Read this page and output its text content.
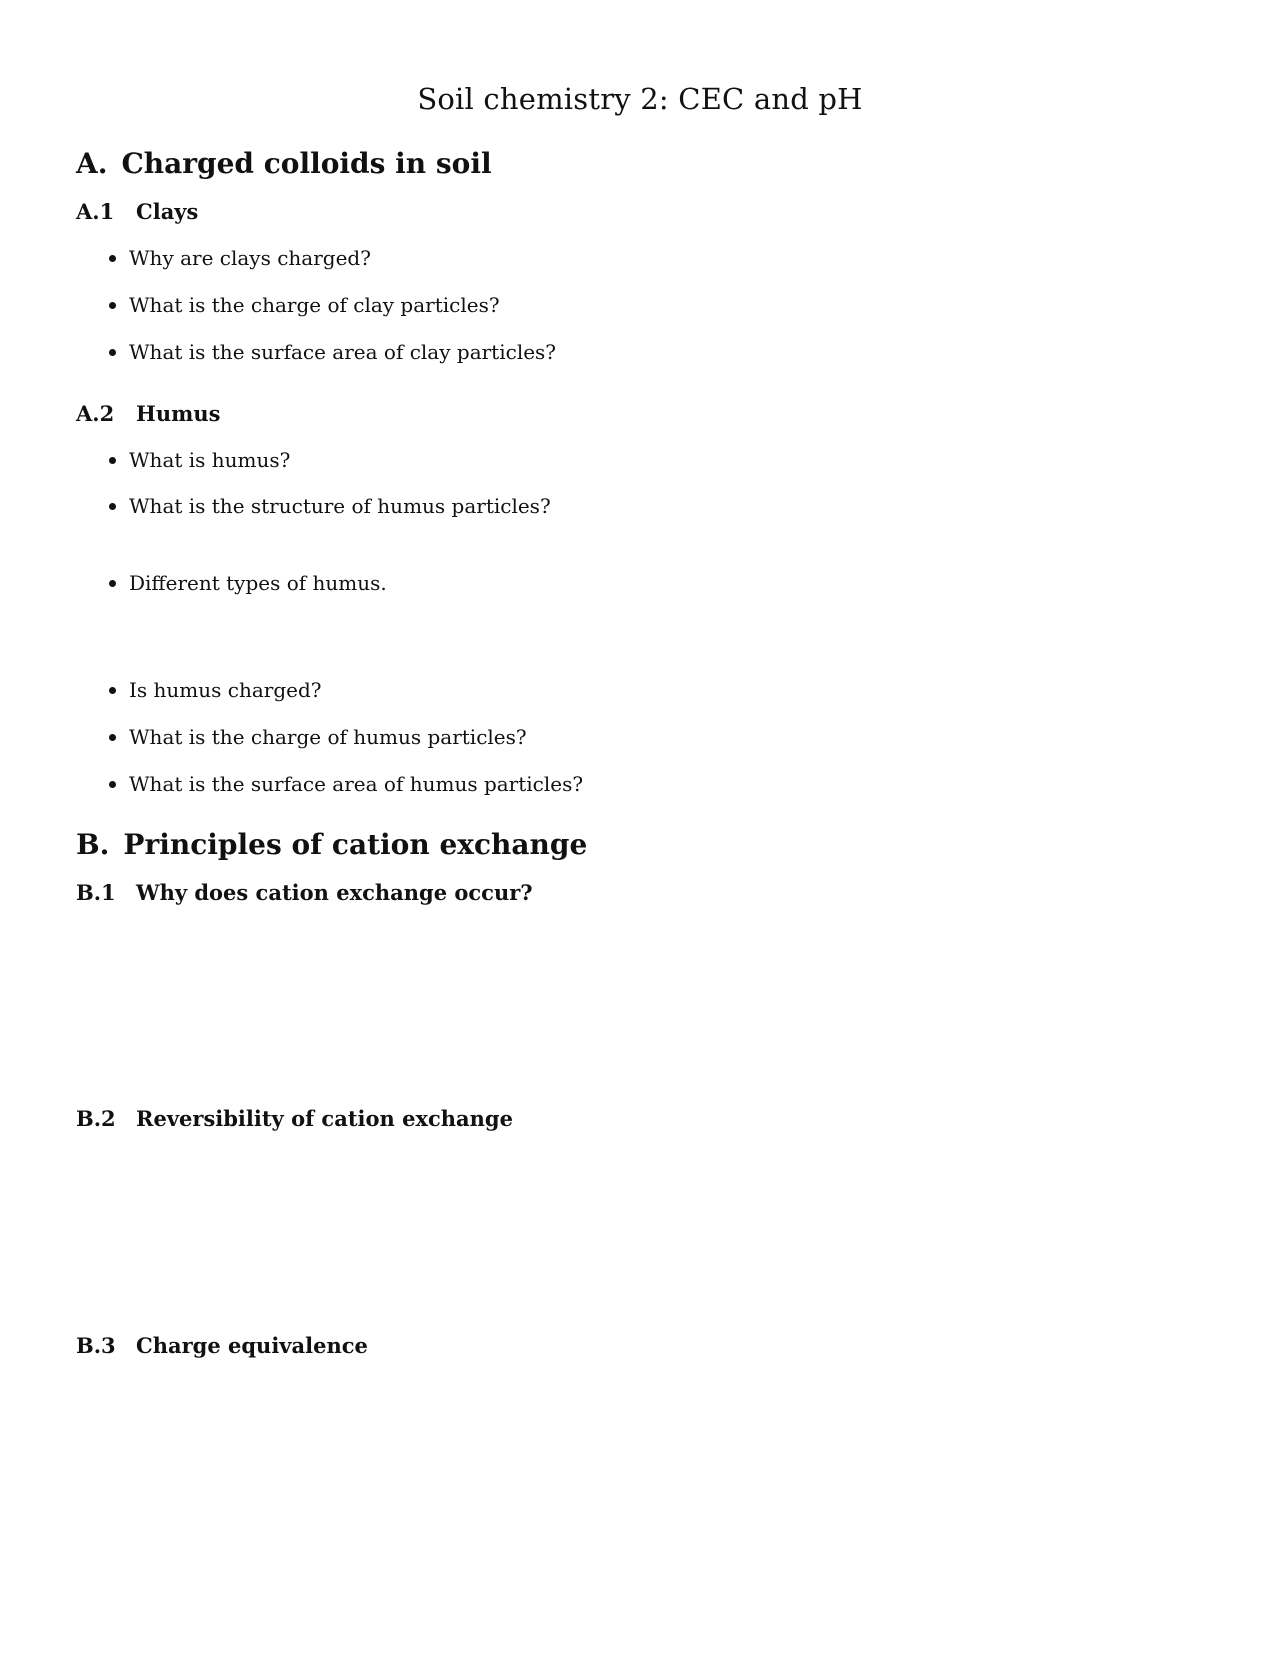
Soil chemistry 2: CEC and pH
A. Charged colloids in soil
A.1 Clays
Why are clays charged?
What is the charge of clay particles?
What is the surface area of clay particles?
A.2 Humus
What is humus?
What is the structure of humus particles?
Different types of humus.
Is humus charged?
What is the charge of humus particles?
What is the surface area of humus particles?
B. Principles of cation exchange
B.1 Why does cation exchange occur?
B.2 Reversibility of cation exchange
B.3 Charge equivalence
